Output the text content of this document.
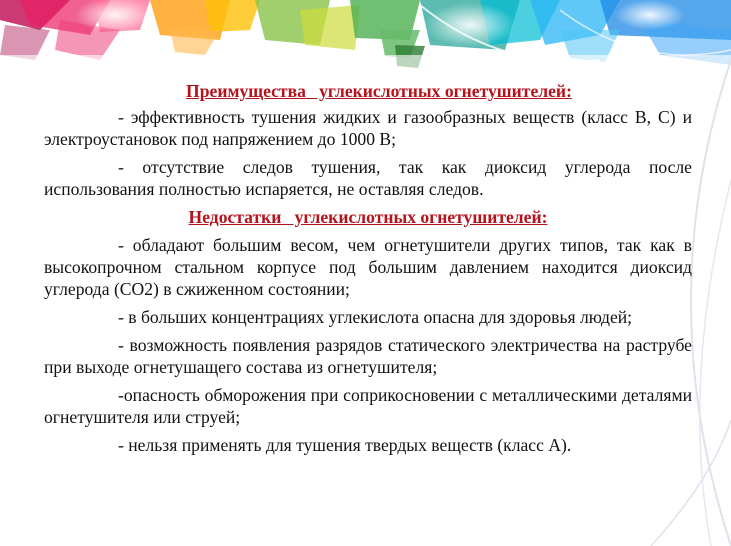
Преимущества   углекислотных огнетушителей:

- эффективность тушения жидких и газообразных веществ (класс В, С) и электроустановок под напряжением до 1000 В;

- отсутствие следов тушения, так как диоксид углерода после использования полностью испаряется, не оставляя следов.

Недостатки   углекислотных огнетушителей:

- обладают большим весом, чем огнетушители других типов, так как в высокопрочном стальном корпусе под большим давлением находится диоксид углерода (СО2) в сжиженном состоянии;

- в больших концентрациях углекислота опасна для здоровья людей;

- возможность появления разрядов статического электричества на раструбе при выходе огнетушащего состава из огнетушителя;

-опасность обморожения при соприкосновении с металлическими деталями огнетушителя или струей;

- нельзя применять для тушения твердых веществ (класс А).
